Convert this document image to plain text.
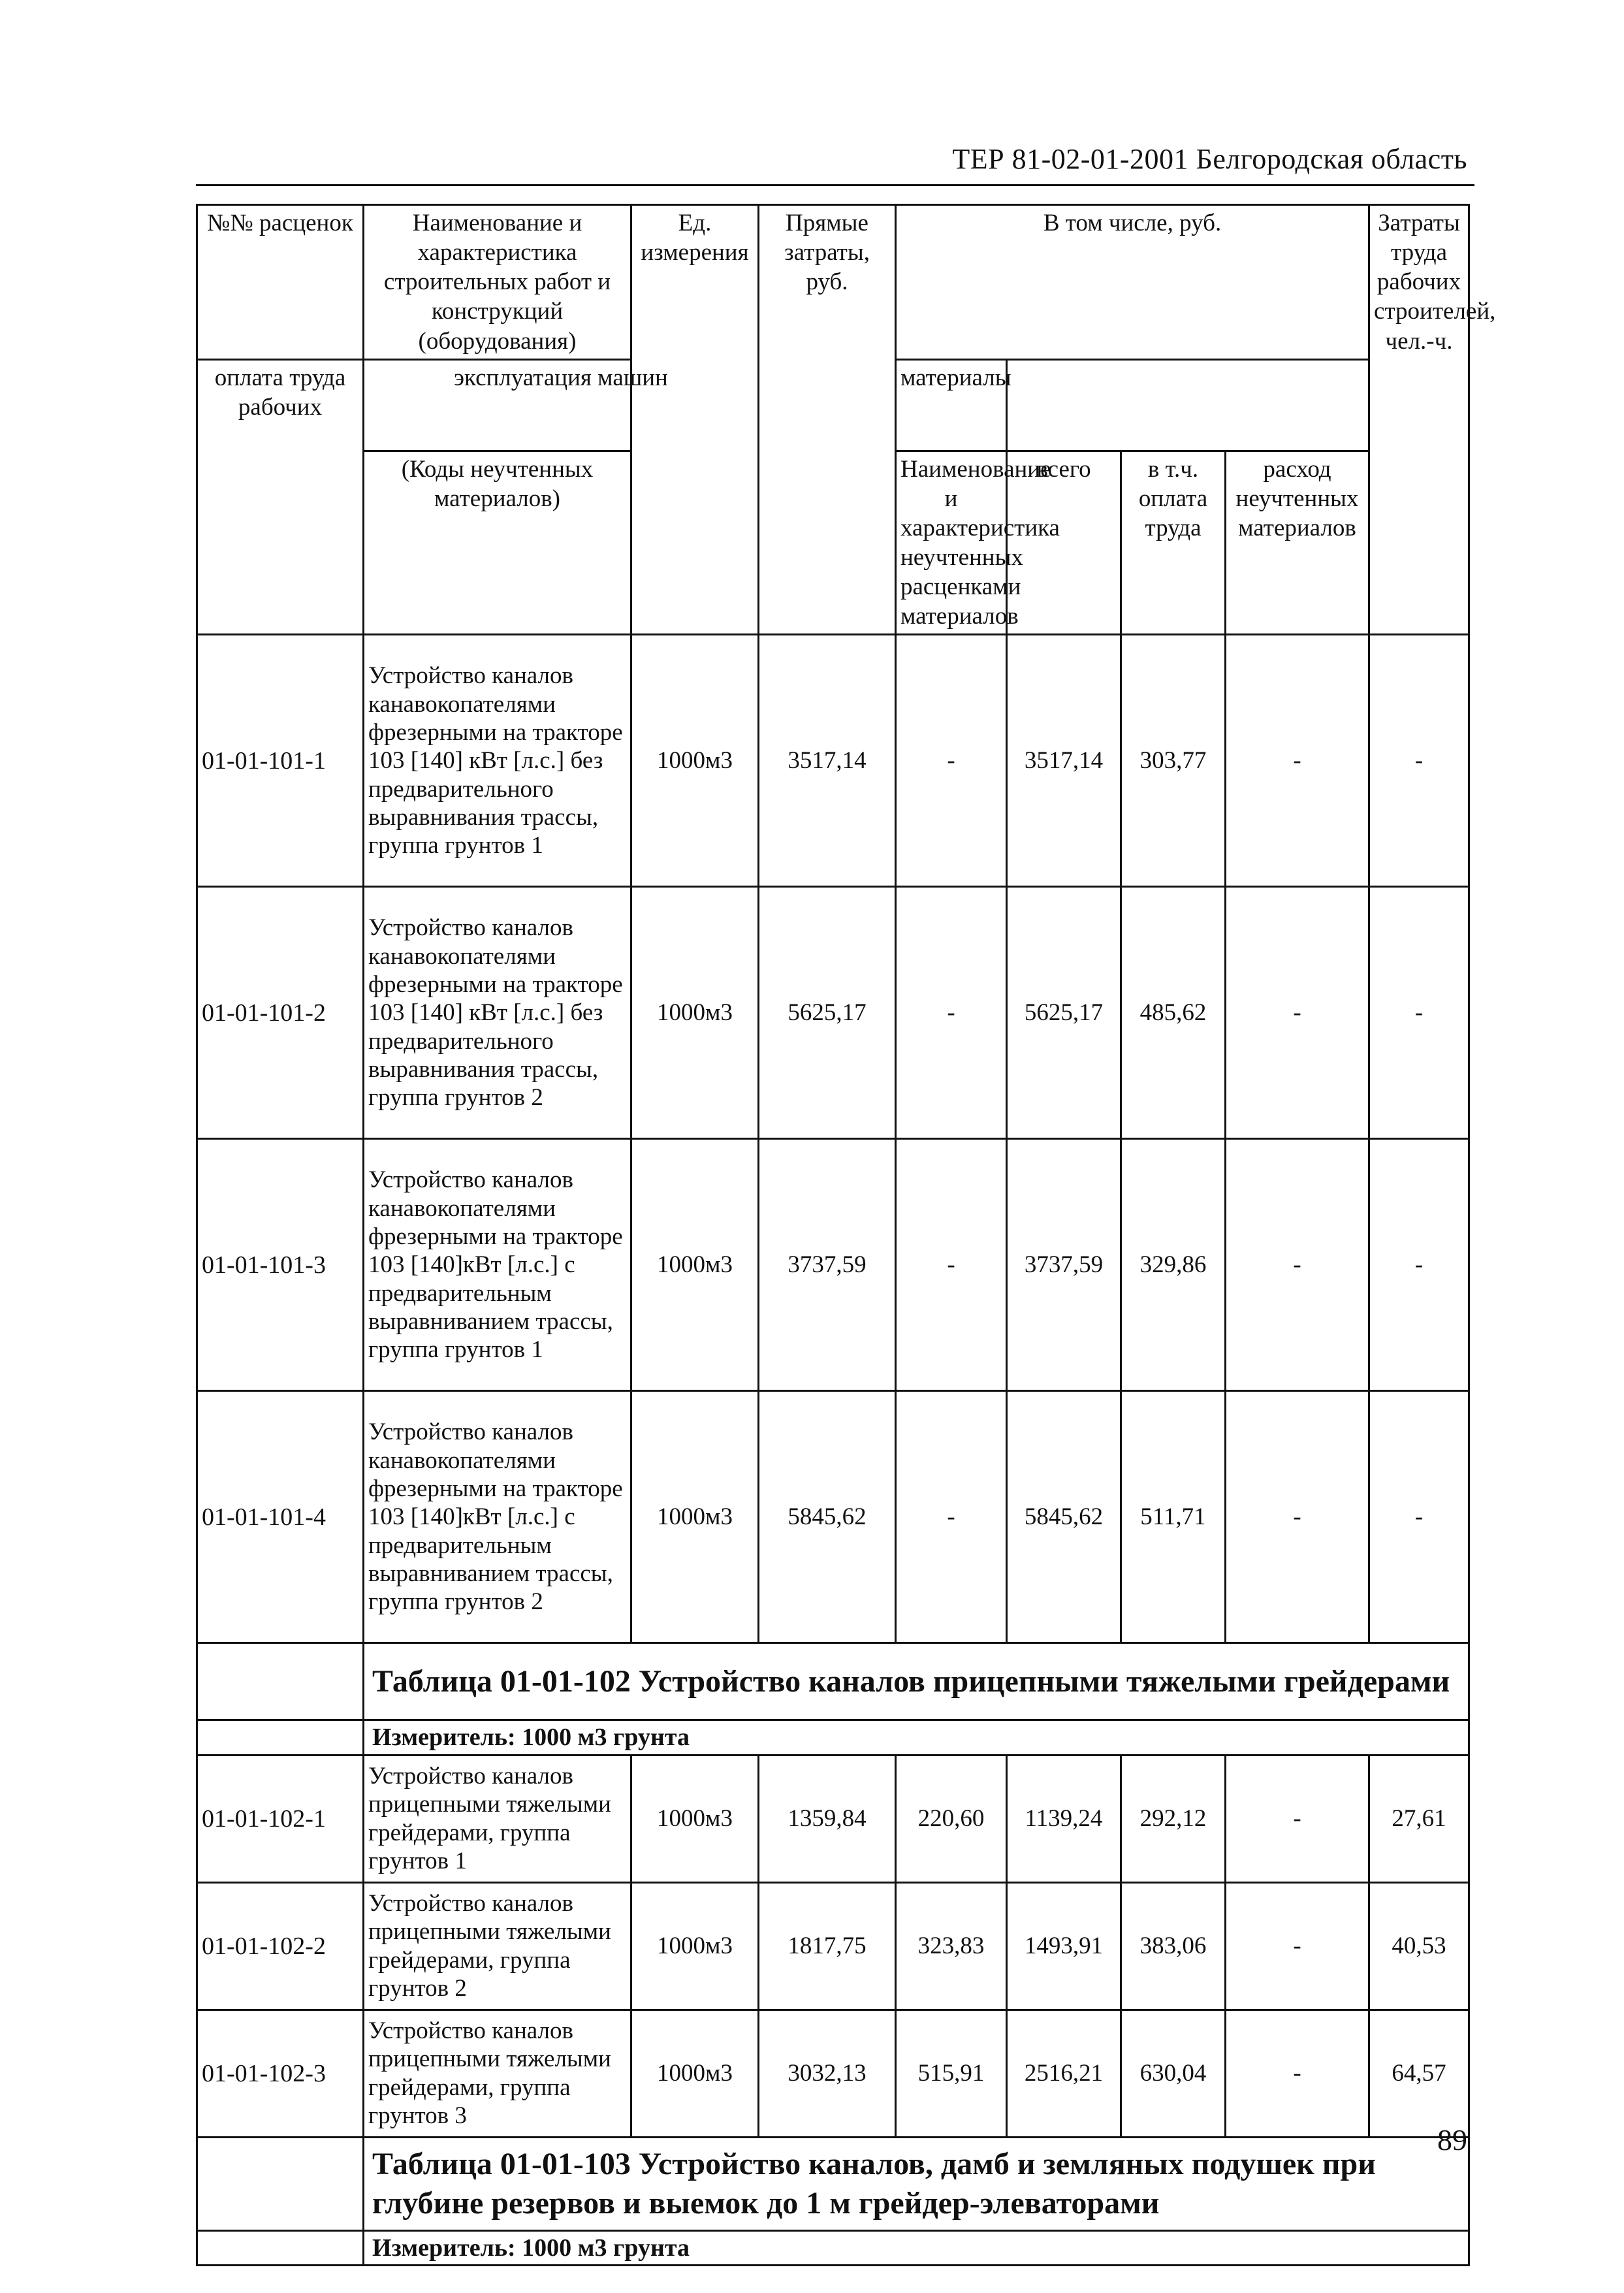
ТЕР 81-02-01-2001 Белгородская область
№№ расценок	Наименование и характеристика строительных работ и конструкций (оборудования)	Ед. измерения	Прямые затраты, руб.	В том числе, руб.				Затраты труда рабочих строителей, чел.-ч.
оплата труда рабочих	эксплуатация машин			материалы				
	(Коды неучтенных материалов)			Наименование и характеристика неучтенных расценками материалов	всего	в т.ч. оплата труда	расход неучтенных материалов	
01-01-101-1	Устройство каналов канавокопателями фрезерными на тракторе 103 [140] кВт [л.с.] без предварительного выравнивания трассы, группа грунтов 1	1000м3	3517,14	-	3517,14	303,77	-	-
01-01-101-2	Устройство каналов канавокопателями фрезерными на тракторе 103 [140] кВт [л.с.] без предварительного выравнивания трассы, группа грунтов 2	1000м3	5625,17	-	5625,17	485,62	-	-
01-01-101-3	Устройство каналов канавокопателями фрезерными на тракторе 103 [140]кВт [л.с.] с предварительным выравниванием трассы, группа грунтов 1	1000м3	3737,59	-	3737,59	329,86	-	-
01-01-101-4	Устройство каналов канавокопателями фрезерными на тракторе 103 [140]кВт [л.с.] с предварительным выравниванием трассы, группа грунтов 2	1000м3	5845,62	-	5845,62	511,71	-	-
	Таблица 01-01-102 Устройство каналов прицепными тяжелыми грейдерами							
	Измеритель: 1000 м3 грунта							
01-01-102-1	Устройство каналов прицепными тяжелыми грейдерами, группа грунтов 1	1000м3	1359,84	220,60	1139,24	292,12	-	27,61
01-01-102-2	Устройство каналов прицепными тяжелыми грейдерами, группа грунтов 2	1000м3	1817,75	323,83	1493,91	383,06	-	40,53
01-01-102-3	Устройство каналов прицепными тяжелыми грейдерами, группа грунтов 3	1000м3	3032,13	515,91	2516,21	630,04	-	64,57
	Таблица 01-01-103 Устройство каналов, дамб и земляных подушек при глубине резервов и выемок до 1 м грейдер-элеваторами							
	Измеритель: 1000 м3 грунта							
89
